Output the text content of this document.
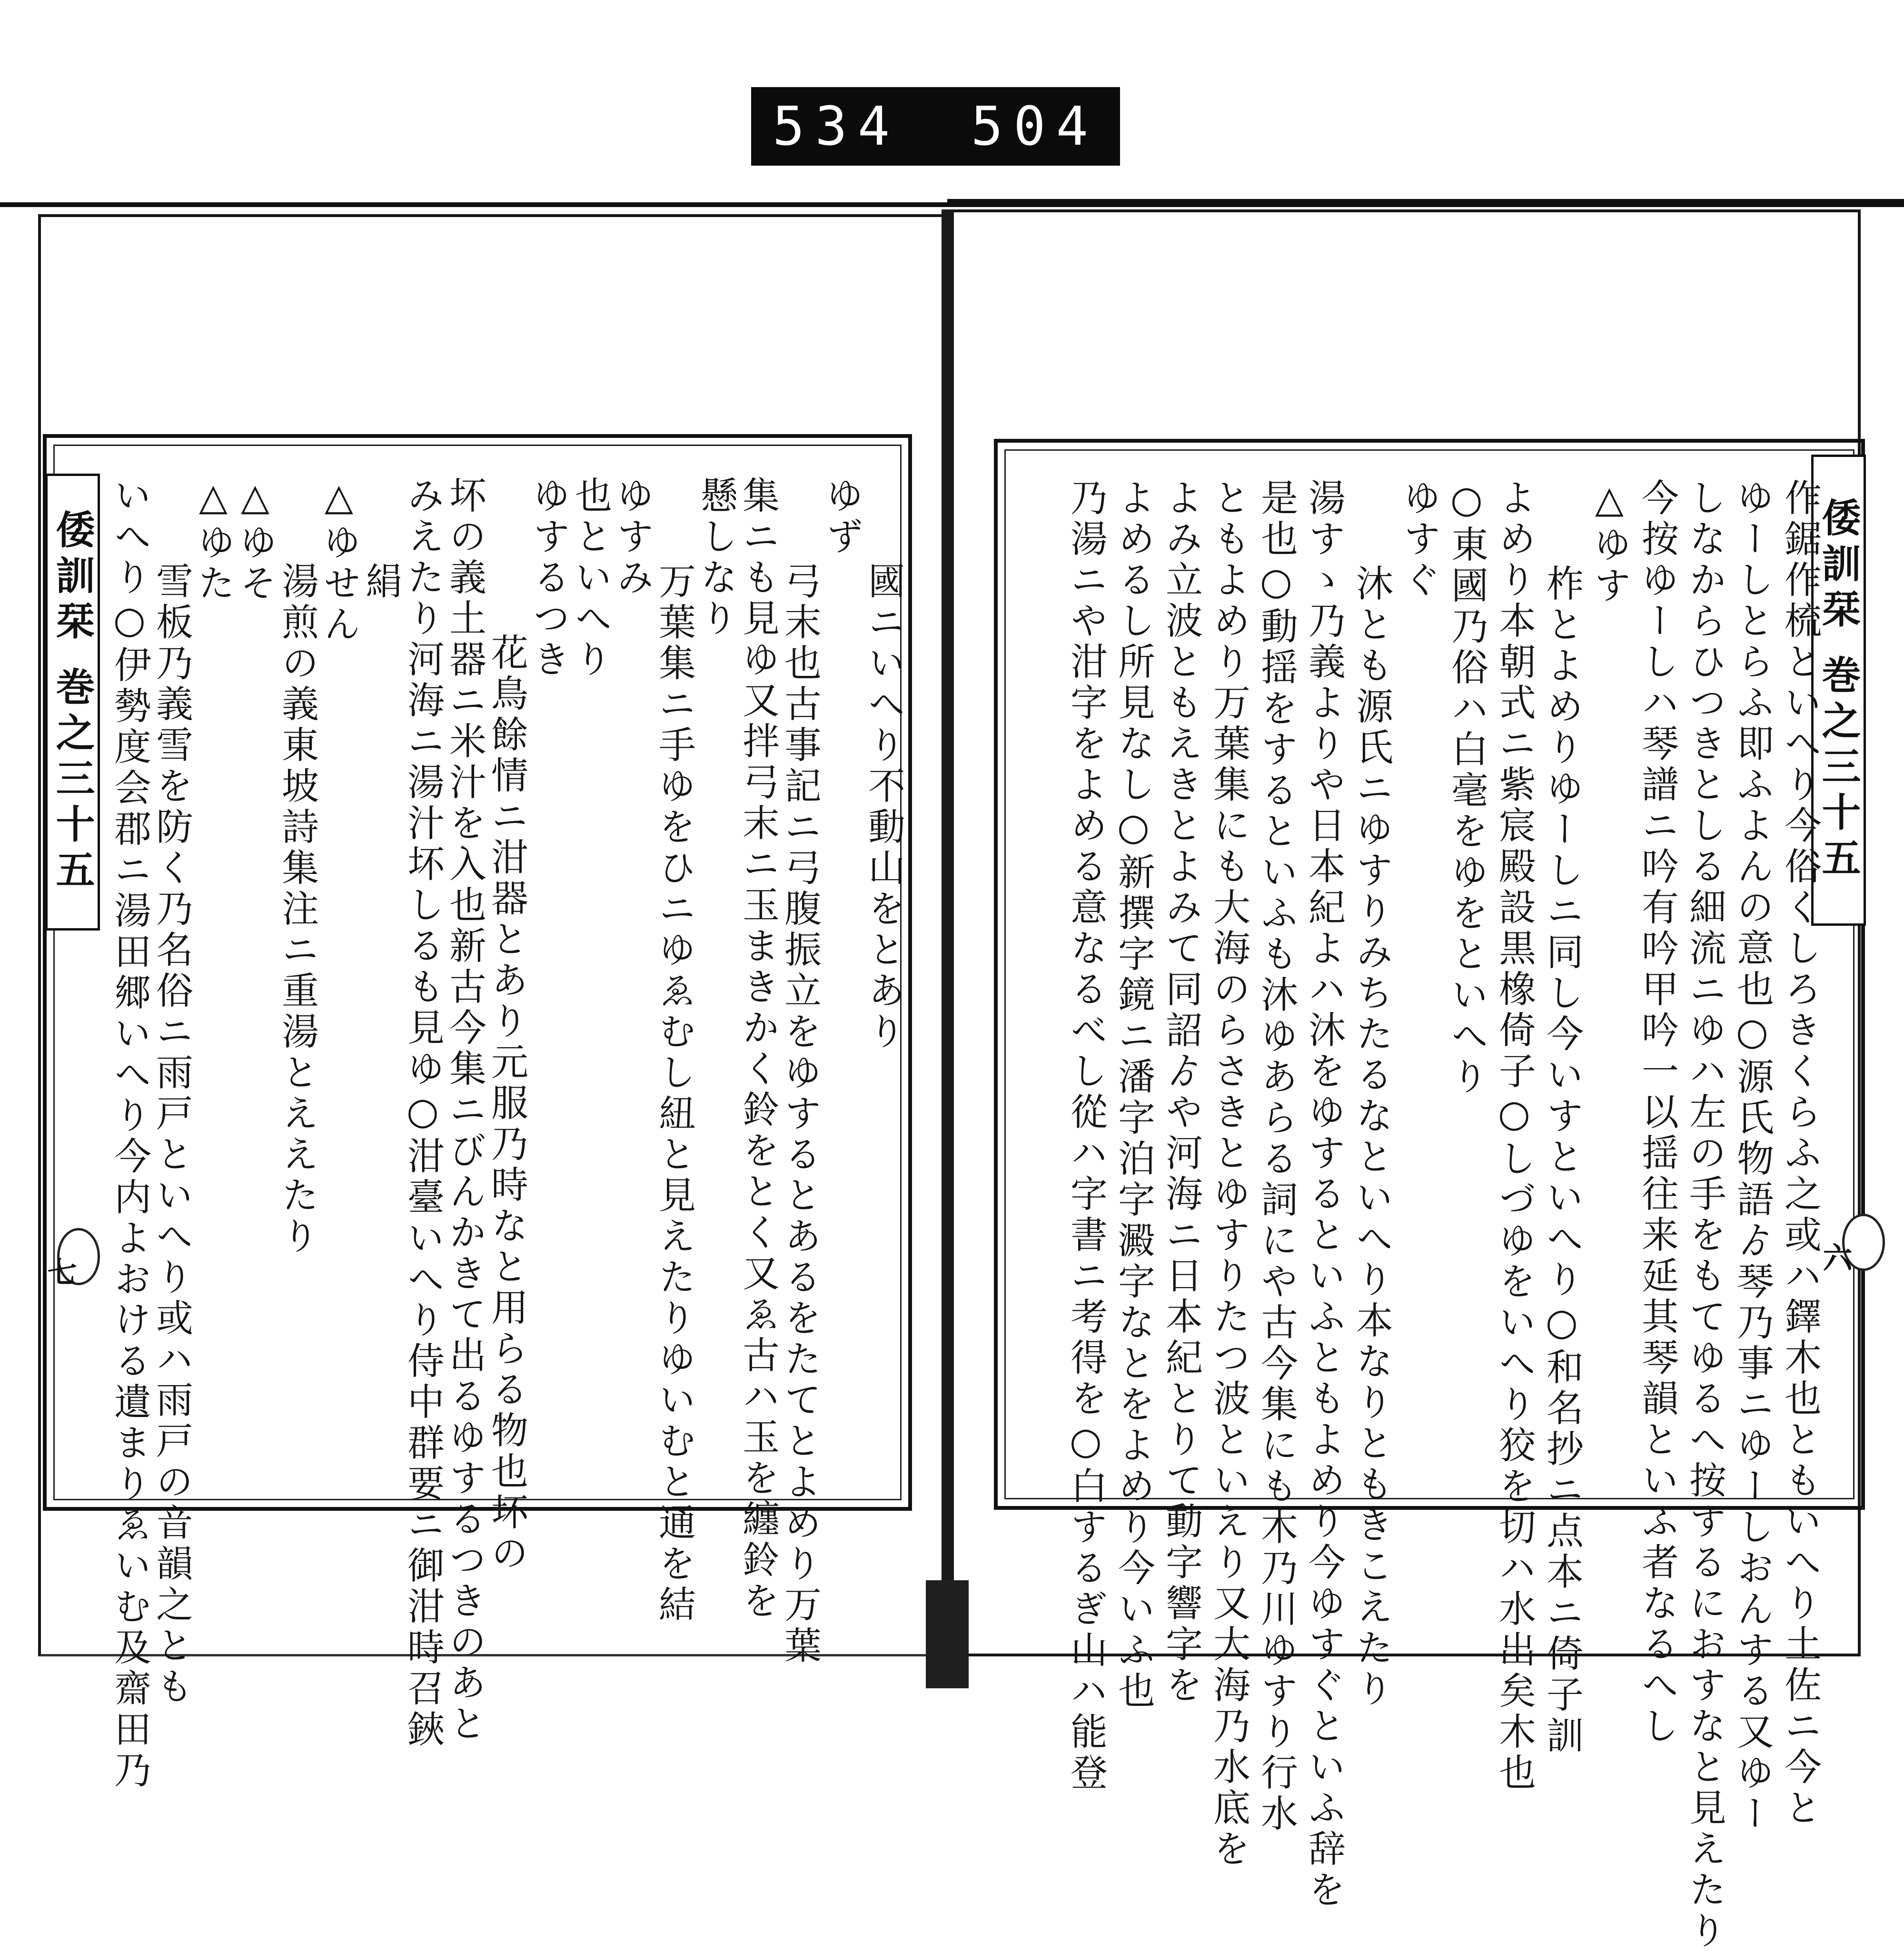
534 504
倭訓栞 巻之三十五	倭訓栞 巻之三十五
七	六
國ニいへり不動山をとあり
ゆず
弓末也古事記ニ弓腹振立をゆするとあるをたてとよめり万葉
集ニも見ゆ又拌弓末ニ玉まきかく鈴をとく又ゑ古ハ玉を纏鈴を
懸しなり
万葉集ニ手ゆをひニゆゑむし紐と見えたりゆいむと通を結
ゆすみ
也といへり
ゆするつき
花鳥餘情ニ泔器とあり元服乃時なと用らる物也坏の
坏の義土器ニ米汁を入也新古今集ニびんかきて出るゆするつきのあと
みえたり河海ニ湯汁坏しるも見ゆ○泔臺いへり侍中群要ニ御泔時召鋏
絹
△ゆせん
湯煎の義東坡詩集注ニ重湯とええたり
△ゆそ
△ゆた
雪板乃義雪を防く乃名俗ニ雨戸といへり或ハ雨戸の音韻之とも
いへり○伊勢度会郡ニ湯田郷いへり今内よおける遺まりゑいむ及齋田乃	作鋸作梳といへり今俗くしろきくらふ之或ハ鐸木也ともいへり土佐ニ今と
ゆーしとらふ即ふよんの意也○源氏物語ゟ琴乃事ニゆーしおんする又ゆー
しなからひつきとしる細流ニゆハ左の手をもてゆるへ按するにおすなと見えたり
今按ゆーしハ琴譜ニ吟有吟甲吟一以揺往来延其琴韻といふ者なるへし
△ゆす
柞とよめりゆーしニ同し今いすといへり○和名抄ニ点本ニ倚子訓
よめり本朝式ニ紫宸殿設黒橡倚子○しづゆをいへり狡を切ハ水出矣木也
○東國乃俗ハ白毫をゆをといへり
ゆすぐ
沐とも源氏ニゆすりみちたるなといへり本なりともきこえたり
湯すゝ乃義よりや日本紀よハ沐をゆするといふともよめり今ゆすぐといふ辞を
是也○動揺をするといふも沐ゆあらる詞にや古今集にも木乃川ゆすり行水
ともよめり万葉集にも大海のらさきとゆすりたつ波といえり又大海乃水底を
よみ立波ともえきとよみて同詔ゟや河海ニ日本紀とりて動字響字を
よめるし所見なし○新撰字鏡ニ潘字泊字澱字なとをよめり今いふ也
乃湯ニや泔字をよめる意なるべし從ハ字書ニ考得を○白するぎ山ハ能登
